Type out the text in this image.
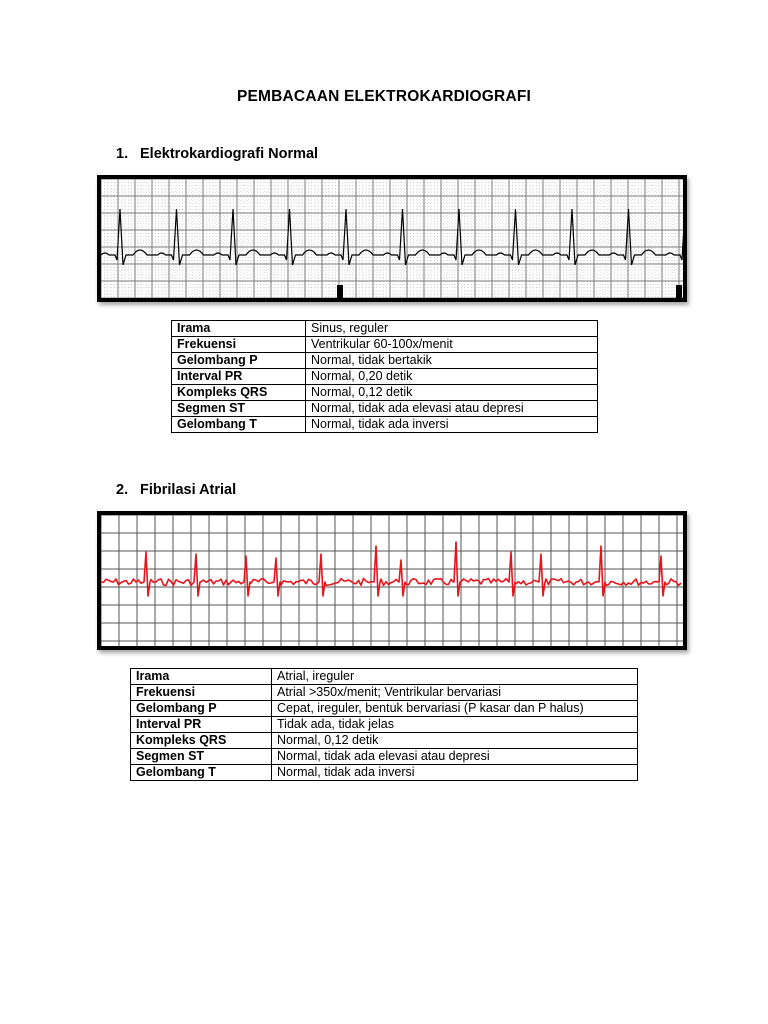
PEMBACAAN ELEKTROKARDIOGRAFI
1. Elektrokardiografi Normal
Irama	Sinus, reguler
Frekuensi	Ventrikular 60-100x/menit
Gelombang P	Normal, tidak bertakik
Interval PR	Normal, 0,20 detik
Kompleks QRS	Normal, 0,12 detik
Segmen ST	Normal, tidak ada elevasi atau depresi
Gelombang T	Normal, tidak ada inversi
2. Fibrilasi Atrial
Irama	Atrial, ireguler
Frekuensi	Atrial >350x/menit; Ventrikular bervariasi
Gelombang P	Cepat, ireguler, bentuk bervariasi (P kasar dan P halus)
Interval PR	Tidak ada, tidak jelas
Kompleks QRS	Normal, 0,12 detik
Segmen ST	Normal, tidak ada elevasi atau depresi
Gelombang T	Normal, tidak ada inversi
